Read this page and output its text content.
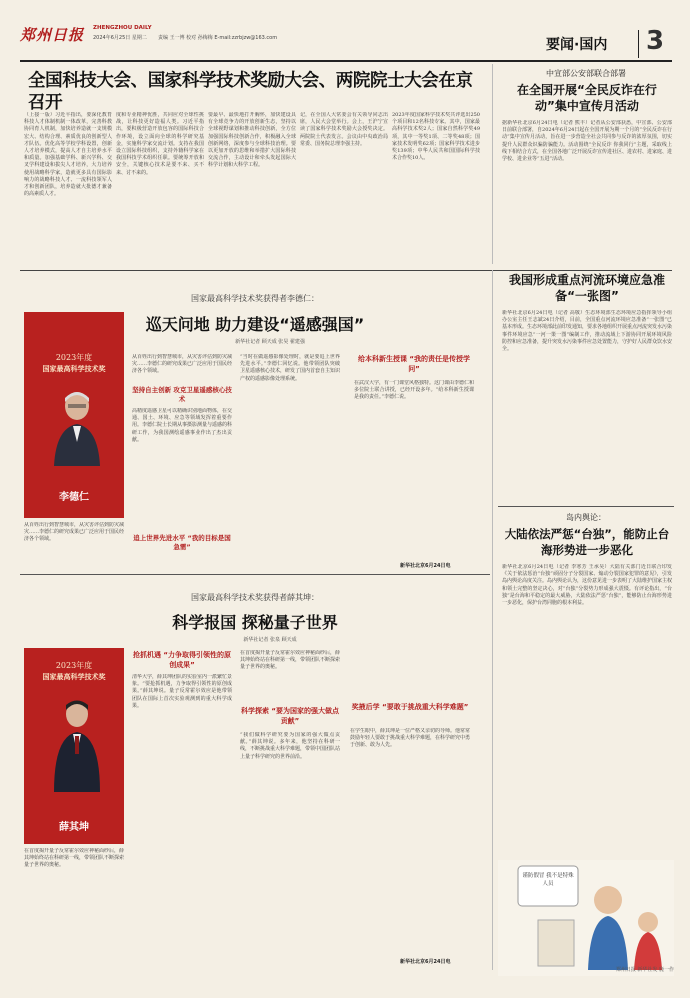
郑州日报 ZHENGZHOU DAILY
2024年6月25日 星期二 责编 王一博 校对 孙梅梅 E-mail:zzrbjzw@163.com	要闻·国内 3
全国科技大会、国家科学技术奖励大会、两院院士大会在京召开
（上接一版）习近平指出，要深化教育科技人才体制机制一体改革，完善科教协同育人机制，加快培养造就一支规模宏大、结构合理、素质优良的创新型人才队伍。优化高等学校学科设置，创新人才培养模式，提高人才自主培养水平和质量。加强基础学科、新兴学科、交叉学科建设和拔尖人才培养，大力培养使用战略科学家，造就更多具有国际影响力的战略科技人才、一流科技领军人才和创新团队，培养造就大批德才兼备的高素质人才。
度和专业精神优胜，共同应对全球性挑战，让科技更好造福人类。习近平指出，要积极营造开放包容的国际科技合作环境，设立面向全球的科学研究基金，实施科学家交流计划。支持在我国设立国际科技组织，支持外籍科学家在我国科技学术组织任职。要统筹开放和安全，关键核心技术是要不来、买不来、讨不来的。
要最早、最快地打开胸怀，加快建设具有全球竞争力的开放创新生态，坚持以全球视野谋划和推动科技创新，全方位加强国际科技创新合作，积极融入全球创新网络，深度参与全球科技治理。要以更加开放的思维和举措扩大国际科技交流合作，主动设计和牵头发起国际大科学计划和大科学工程。
记，在全国人大常委会有关领导同志出席，人民大会堂举行。会上，王沪宁宣读了国家科学技术奖励大会授奖决定。两院院士代表发言。会议由中央政治局常委、国务院总理李强主持。
2023年度国家科学技术奖共评选出250个项目和12名科技专家。其中，国家最高科学技术奖2人；国家自然科学奖49项，其中一等奖1项、二等奖48项；国家技术发明奖62项；国家科学技术进步奖139项；中华人民共和国国际科学技术合作奖10人。
中宣部公安部联合部署
在全国开展“全民反诈在行动”集中宣传月活动
据新华社北京6月24日电（记者 熊丰）记者从公安部获悉，中宣部、公安部日前联合部署，自2024年6月24日起在全国开展为期一个月的“全民反诈在行动”集中宣传月活动，旨在进一步营造全社会共同参与反诈的浓厚氛围，切实提升人民群众识骗防骗能力。活动围绕“全民反诈 你我同行”主题，采取线上线下相结合方式，在全国各地广泛开展反诈宣传进社区、进农村、进家庭、进学校、进企业等“五进”活动。
国家最高科学技术奖获得者李德仁：
巡天问地 助力建设“遥感强国”
新华社记者 顾天成 张昊 翟建强
2023年度
国家最高科学技术奖
李德仁
从百姓出行到智慧城市，从灾害评估到防灾减灾……李德仁的研究成果已广泛应用于国民经济各个领域。
从百姓出行到智慧城市，从灾害评估到防灾减灾……李德仁的研究成果已广泛应用于国民经济各个领域。
坚持自主创新 攻克卫星遥感核心技术
高精度遥感卫星可以精确识别地面物体，在交通、国土、环境、应急等领域发挥着重要作用。李德仁院士长期从事摄影测量与遥感的科研工作，为我国测绘遥感事业作出了杰出贡献。
追上世界先进水平 “我的目标是国急需”
“当时在做遥感影像处理时，就是要追上世界先进水平。”李德仁回忆说。他带领团队突破卫星遥感核心技术，研发了国内首套自主知识产权的遥感影像处理系统。
给本科新生授课 “我的责任是传授学问”
在武汉大学，有一门课堂风格独特。这门课由李德仁和多位院士联合讲授，已经开设多年。“给本科新生授课是我的责任。”李德仁说。
新华社北京6月24日电
我国形成重点河流环境应急准备“一张图”
新华社北京6月24日电（记者 高敬）生态环境部生态环境应急指挥领导小组办公室主任王志斌24日介绍，目前，全国重点河流环境应急准备“一张图”已基本形成。生态环境部此前印发通知，要求各地组织开展重点河流突发水污染事件环境应急“一河一策一图”编制工作，推动流域上下游协同开展环境风险防控和应急准备，提升突发水污染事件应急处置能力，守护好人民群众饮水安全。
岛内舆论：
大陆依法严惩“台独”，能防止台海形势进一步恶化
新华社北京6月24日电（记者 李寒芳 王承昊）大陆有关部门近日联合印发《关于依法惩治“台独”顽固分子分裂国家、煽动分裂国家犯罪的意见》，引发岛内舆论高度关注。岛内舆论认为，这份意见进一步表明了大陆维护国家主权和领土完整的坚定决心，对“台独”分裂势力形成强大震慑。有评论指出，“台独”是台海和平稳定的最大威胁，大陆依法严惩“台独”，能够防止台海形势进一步恶化，保护台湾同胞的根本利益。
国家最高科学技术奖获得者薛其坤：
科学报国 探秘量子世界
新华社记者 张泉 顾天成
2023年度
国家最高科学技术奖
薛其坤
在首度揭开量子反常霍尔效应神秘面纱后，薛其坤始终站在科研第一线，带领团队不断探索量子世界的奥秘。
抢抓机遇 “力争取得引领性的原创成果”
清华大学，薛其坤团队的实验室内一派繁忙景象。“要抢抓机遇，力争取得引领性的原创成果。”薛其坤说。量子反常霍尔效应是他带领团队在国际上首次实验观测到的重大科学成果。
在首度揭开量子反常霍尔效应神秘面纱后，薛其坤始终站在科研第一线，带领团队不断探索量子世界的奥秘。
科学探索 “要为国家的强大做点贡献”
“我们做科学研究要为国家的强大做点贡献。”薛其坤说。多年来，他坚持在科研一线，不断挑战重大科学难题，带领中国团队站上量子科学研究的世界前沿。
奖掖后学 “要敢于挑战重大科学难题”
在学生眼中，薛其坤是一位严格又亲切的导师。他常常鼓励年轻人要敢于挑战重大科学难题，在科学研究中勇于创新、敢为人先。
新华社北京6月24日电
谨防假冒 我不是特殊人员
郑州日报 新华社发 鹿一作
郑州日报 新华社发 鹿一作
